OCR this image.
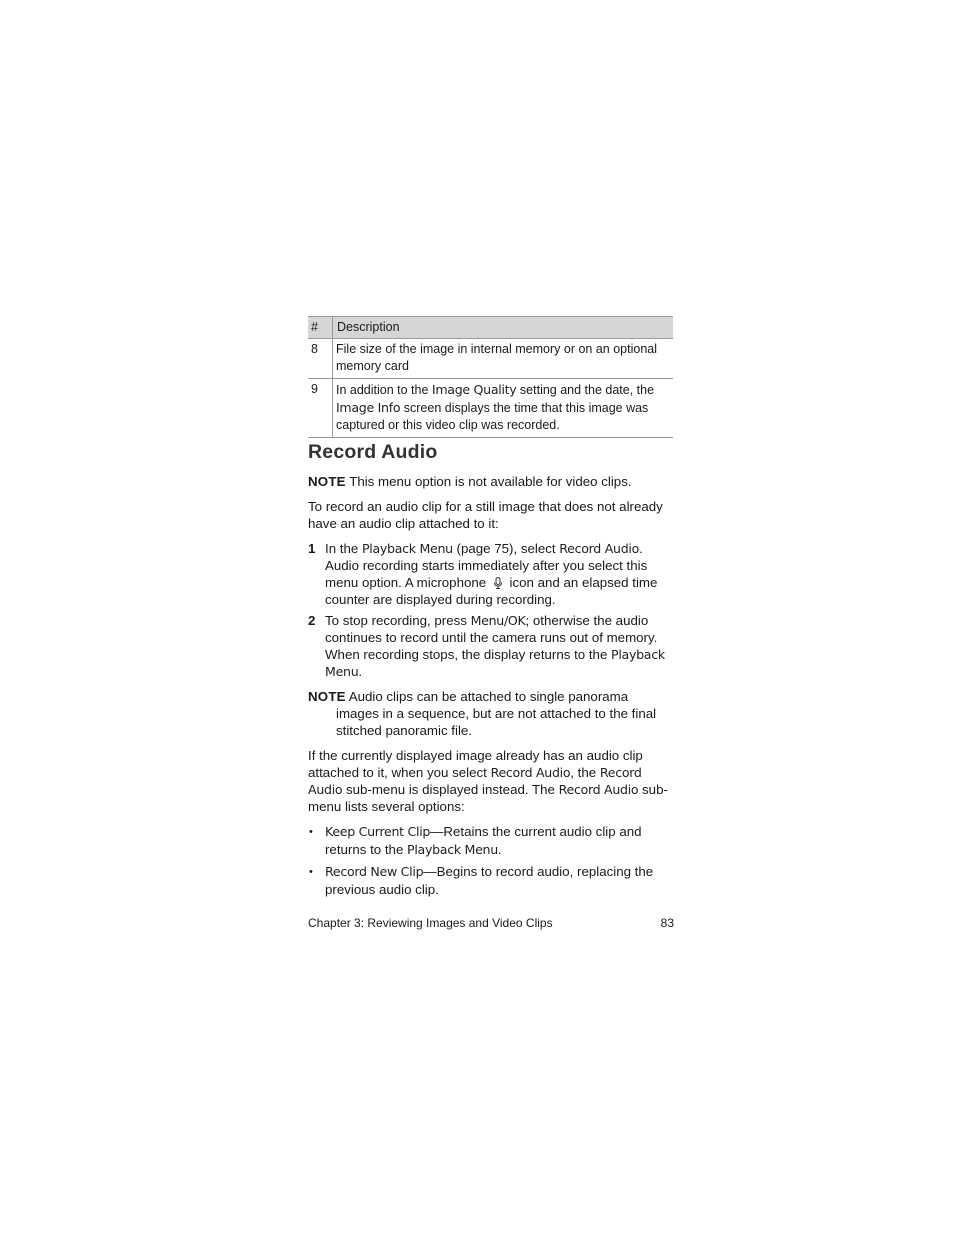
#	Description
8	File size of the image in internal memory or on an optional memory card
9	In addition to the Image Quality setting and the date, the Image Info screen displays the time that this image was captured or this video clip was recorded.
Record Audio

NOTE This menu option is not available for video clips.

To record an audio clip for a still image that does not already have an audio clip attached to it:

1 In the Playback Menu (page 75), select Record Audio. Audio recording starts immediately after you select this menu option. A microphone  icon and an elapsed time counter are displayed during recording.
2 To stop recording, press Menu/OK; otherwise the audio continues to record until the camera runs out of memory. When recording stops, the display returns to the Playback Menu.

NOTE Audio clips can be attached to single panorama images in a sequence, but are not attached to the final stitched panoramic file.

If the currently displayed image already has an audio clip attached to it, when you select Record Audio, the Record Audio sub-menu is displayed instead. The Record Audio sub-menu lists several options:

• Keep Current Clip—Retains the current audio clip and returns to the Playback Menu.
• Record New Clip—Begins to record audio, replacing the previous audio clip.
Chapter 3: Reviewing Images and Video Clips	83
